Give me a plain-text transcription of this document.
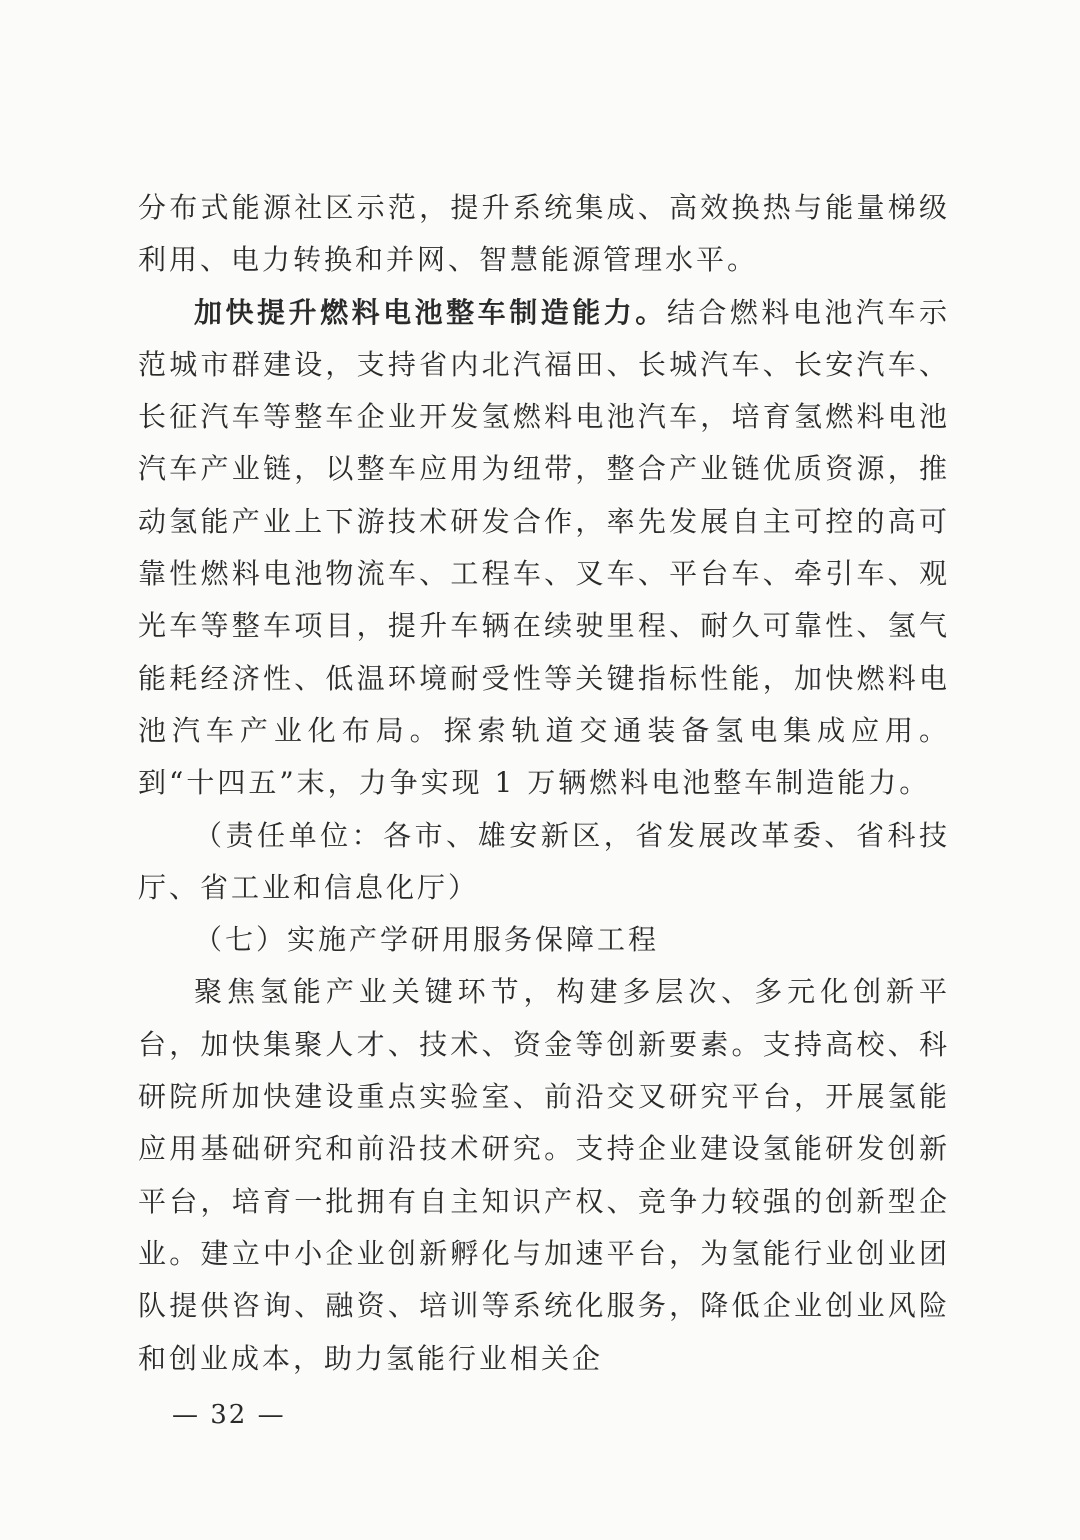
分布式能源社区示范，提升系统集成、高效换热与能量梯级利用、电力转换和并网、智慧能源管理水平。

加快提升燃料电池整车制造能力。结合燃料电池汽车示范城市群建设，支持省内北汽福田、长城汽车、长安汽车、长征汽车等整车企业开发氢燃料电池汽车，培育氢燃料电池汽车产业链，以整车应用为纽带，整合产业链优质资源，推动氢能产业上下游技术研发合作，率先发展自主可控的高可靠性燃料电池物流车、工程车、叉车、平台车、牵引车、观光车等整车项目，提升车辆在续驶里程、耐久可靠性、氢气能耗经济性、低温环境耐受性等关键指标性能，加快燃料电池汽车产业化布局。探索轨道交通装备氢电集成应用。到“十四五”末，力争实现 1 万辆燃料电池整车制造能力。

（责任单位：各市、雄安新区，省发展改革委、省科技厅、省工业和信息化厅）

（七）实施产学研用服务保障工程

聚焦氢能产业关键环节，构建多层次、多元化创新平台，加快集聚人才、技术、资金等创新要素。支持高校、科研院所加快建设重点实验室、前沿交叉研究平台，开展氢能应用基础研究和前沿技术研究。支持企业建设氢能研发创新平台，培育一批拥有自主知识产权、竞争力较强的创新型企业。建立中小企业创新孵化与加速平台，为氢能行业创业团队提供咨询、融资、培训等系统化服务，降低企业创业风险和创业成本，助力氢能行业相关企

— 32 —
